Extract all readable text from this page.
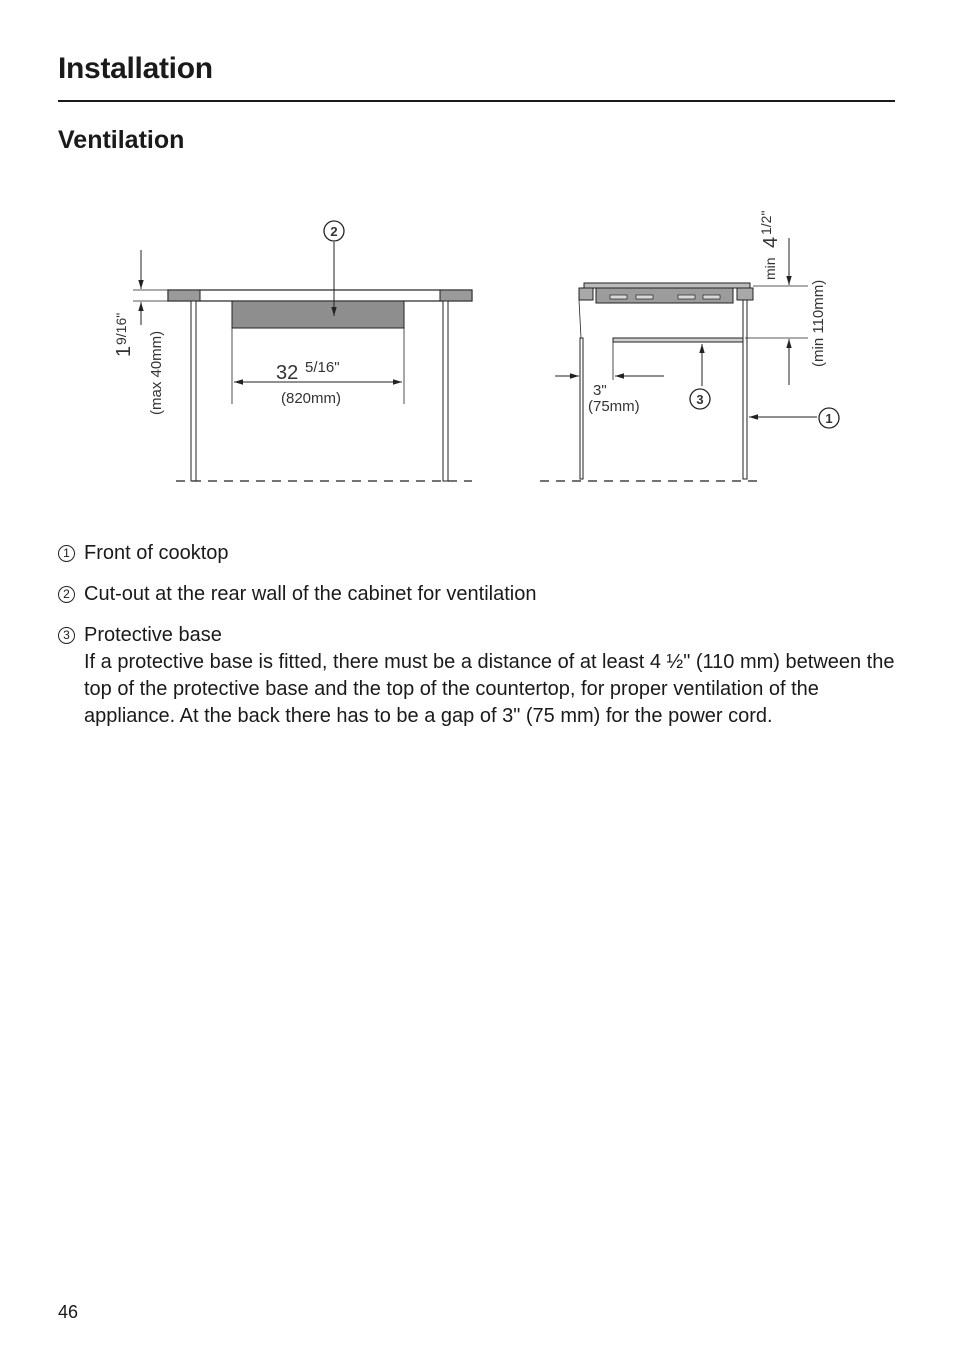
Installation
Ventilation
1
9/16"
(max 40mm)	32 5/16"
(820mm)
2
3"
(75mm)
min
4
1/2"
(min 110mm)
3
1
1 Front of cooktop
2 Cut-out at the rear wall of the cabinet for ventilation
3 Protective base
If a protective base is fitted, there must be a distance of at least 4 ½" (110 mm) between the top of the protective base and the top of the countertop, for proper ventilation of the appliance. At the back there has to be a gap of 3" (75 mm) for the power cord.
46
